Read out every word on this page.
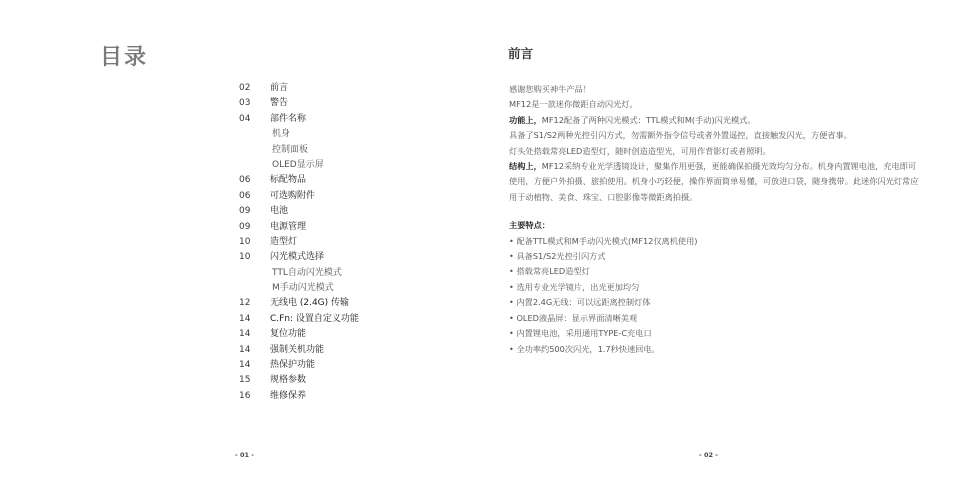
目录
02 前言
03 警告
04 部件名称
机身
控制面板
OLED显示屏
06 标配物品
06 可选购附件
09 电池
09 电源管理
10 造型灯
10 闪光模式选择
TTL自动闪光模式
M手动闪光模式
12 无线电 (2.4G) 传输
14 C.Fn: 设置自定义功能
14 复位功能
14 强制关机功能
14 热保护功能
15 规格参数
16 维修保养
- 01 -
前言

感谢您购买神牛产品！

MF12是一款迷你微距自动闪光灯。

功能上，MF12配备了两种闪光模式：TTL模式和M(手动)闪光模式。

具备了S1/S2两种光控引闪方式，勿需额外指令信号或者外置遥控，直接触发闪光，方便省事。

灯头处搭载常亮LED造型灯，随时创造造型光，可用作背影灯或者照明。

结构上，MF12采纳专业光学透镜设计，聚集作用更强，更能确保拍摄光效均匀分布。机身内置锂电池，充电即可使用，方便户外拍摄、旅拍使用。机身小巧轻便，操作界面简单易懂，可放进口袋，随身携带。此迷你闪光灯常应用于动植物、美食、珠宝、口腔影像等微距离拍摄。

主要特点：

• 配备TTL模式和M手动闪光模式(MF12仅离机使用)
• 具备S1/S2光控引闪方式
• 搭载常亮LED造型灯
• 选用专业光学镜片，出光更加均匀
• 内置2.4G无线：可以远距离控制灯体
• OLED液晶屏：显示界面清晰美观
• 内置锂电池，采用通用TYPE-C充电口
• 全功率约500次闪光，1.7秒快速回电。
- 02 -
